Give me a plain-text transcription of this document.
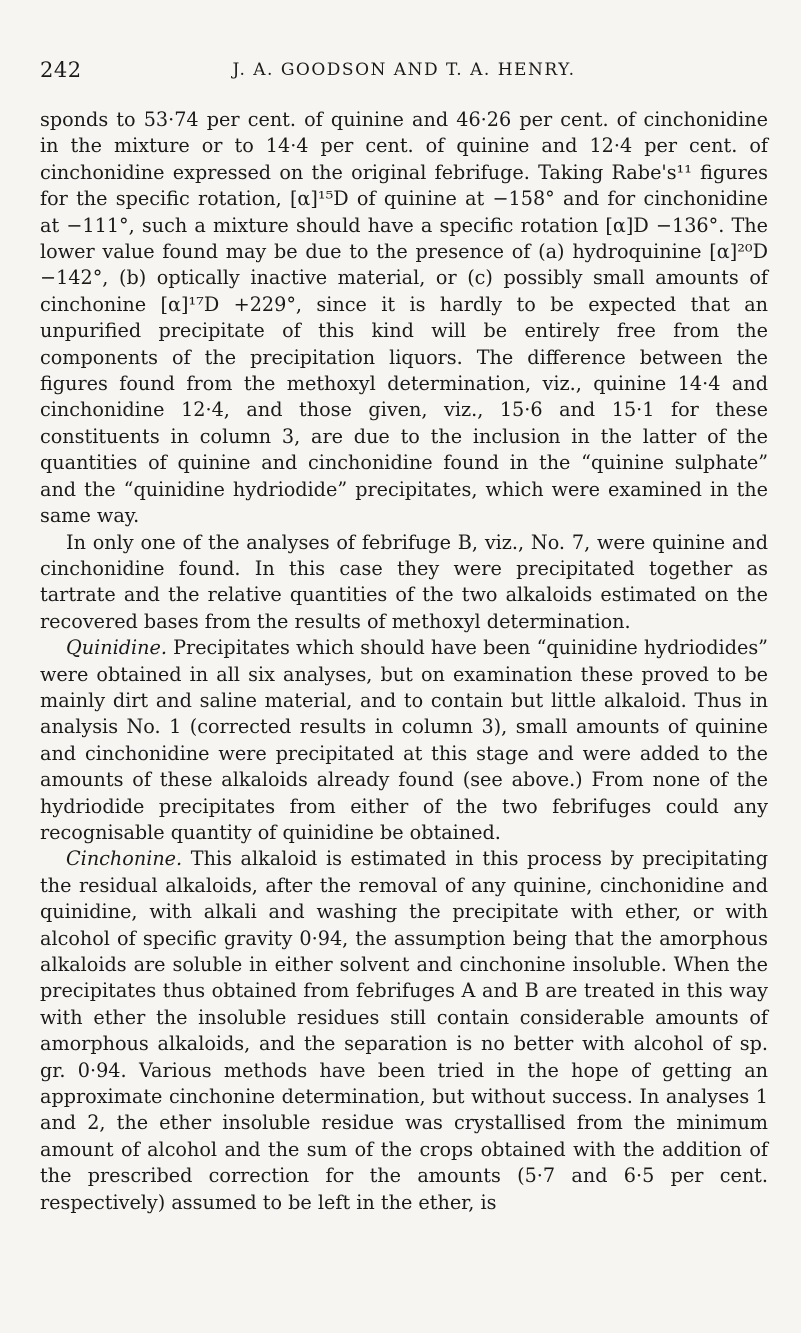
242	J. A. GOODSON AND T. A. HENRY.

sponds to 53·74 per cent. of quinine and 46·26 per cent. of cinchonidine in the mixture or to 14·4 per cent. of quinine and 12·4 per cent. of cinchonidine expressed on the original febrifuge. Taking Rabe's¹¹ figures for the specific rotation, [α]¹⁵D of quinine at −158° and for cinchonidine at −111°, such a mixture should have a specific rotation [α]D −136°. The lower value found may be due to the presence of (a) hydroquinine [α]²⁰D −142°, (b) optically inactive material, or (c) possibly small amounts of cinchonine [α]¹⁷D +229°, since it is hardly to be expected that an unpurified precipitate of this kind will be entirely free from the components of the precipitation liquors. The difference between the figures found from the methoxyl determination, viz., quinine 14·4 and cinchonidine 12·4, and those given, viz., 15·6 and 15·1 for these constituents in column 3, are due to the inclusion in the latter of the quantities of quinine and cinchonidine found in the “quinine sulphate” and the “quinidine hydriodide” precipitates, which were examined in the same way.

In only one of the analyses of febrifuge B, viz., No. 7, were quinine and cinchonidine found. In this case they were precipitated together as tartrate and the relative quantities of the two alkaloids estimated on the recovered bases from the results of methoxyl determination.

Quinidine. Precipitates which should have been “quinidine hydriodides” were obtained in all six analyses, but on examination these proved to be mainly dirt and saline material, and to contain but little alkaloid. Thus in analysis No. 1 (corrected results in column 3), small amounts of quinine and cinchonidine were precipitated at this stage and were added to the amounts of these alkaloids already found (see above.) From none of the hydriodide precipitates from either of the two febrifuges could any recognisable quantity of quinidine be obtained.

Cinchonine. This alkaloid is estimated in this process by precipitating the residual alkaloids, after the removal of any quinine, cinchonidine and quinidine, with alkali and washing the precipitate with ether, or with alcohol of specific gravity 0·94, the assumption being that the amorphous alkaloids are soluble in either solvent and cinchonine insoluble. When the precipitates thus obtained from febrifuges A and B are treated in this way with ether the insoluble residues still contain considerable amounts of amorphous alkaloids, and the separation is no better with alcohol of sp. gr. 0·94. Various methods have been tried in the hope of getting an approximate cinchonine determination, but without success. In analyses 1 and 2, the ether insoluble residue was crystallised from the minimum amount of alcohol and the sum of the crops obtained with the addition of the prescribed correction for the amounts (5·7 and 6·5 per cent. respectively) assumed to be left in the ether, is
